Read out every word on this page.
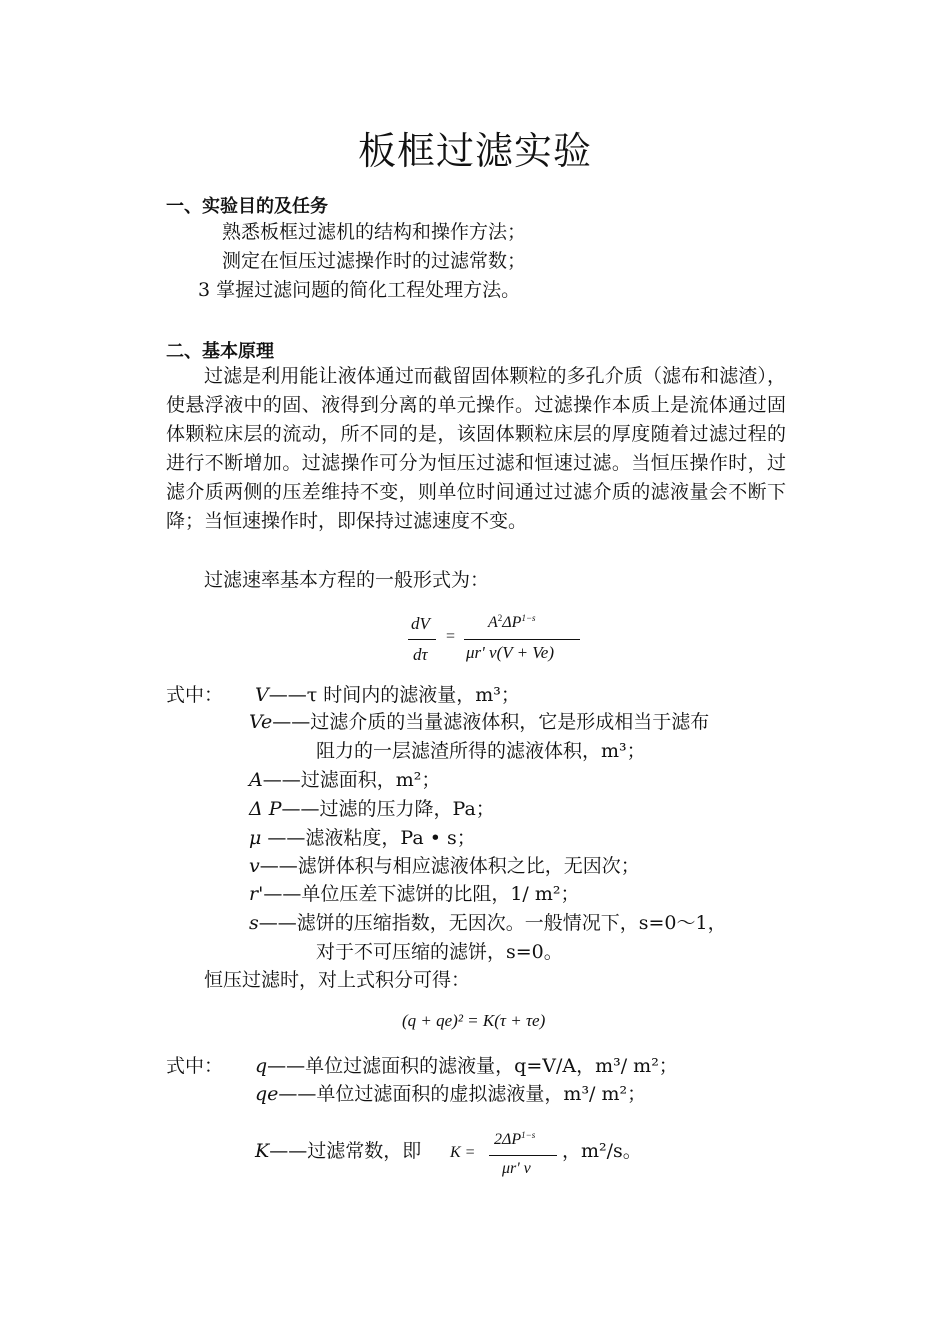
板框过滤实验
一、实验目的及任务
熟悉板框过滤机的结构和操作方法；
测定在恒压过滤操作时的过滤常数；
3 掌握过滤问题的简化工程处理方法。
二、基本原理
过滤是利用能让液体通过而截留固体颗粒的多孔介质（滤布和滤渣），使悬浮液中的固、液得到分离的单元操作。过滤操作本质上是流体通过固体颗粒床层的流动，所不同的是，该固体颗粒床层的厚度随着过滤过程的进行不断增加。过滤操作可分为恒压过滤和恒速过滤。当恒压操作时，过滤介质两侧的压差维持不变，则单位时间通过过滤介质的滤液量会不断下降；当恒速操作时，即保持过滤速度不变。
过滤速率基本方程的一般形式为：
dV
dτ
=
$A^2\Delta P^{1-s}$
μr' v(V + Ve)
式中： V——τ 时间内的滤液量，m³；
Ve——过滤介质的当量滤液体积，它是形成相当于滤布
阻力的一层滤渣所得的滤液体积，m³；
A——过滤面积，m²；
Δ P——过滤的压力降，Pa；
μ ——滤液粘度，Pa • s；
v——滤饼体积与相应滤液体积之比，无因次；
r'——单位压差下滤饼的比阻，1/ m²；
s——滤饼的压缩指数，无因次。一般情况下，s=0～1，
对于不可压缩的滤饼，s=0。
恒压过滤时，对上式积分可得：
(q + qe)² = K(τ + τe)
式中： q——单位过滤面积的滤液量，q=V/A，m³/ m²；
qe——单位过滤面积的虚拟滤液量，m³/ m²；
K——过滤常数，即 K =
$2\Delta P^{1-s}$
μr' v
，m²/s。
